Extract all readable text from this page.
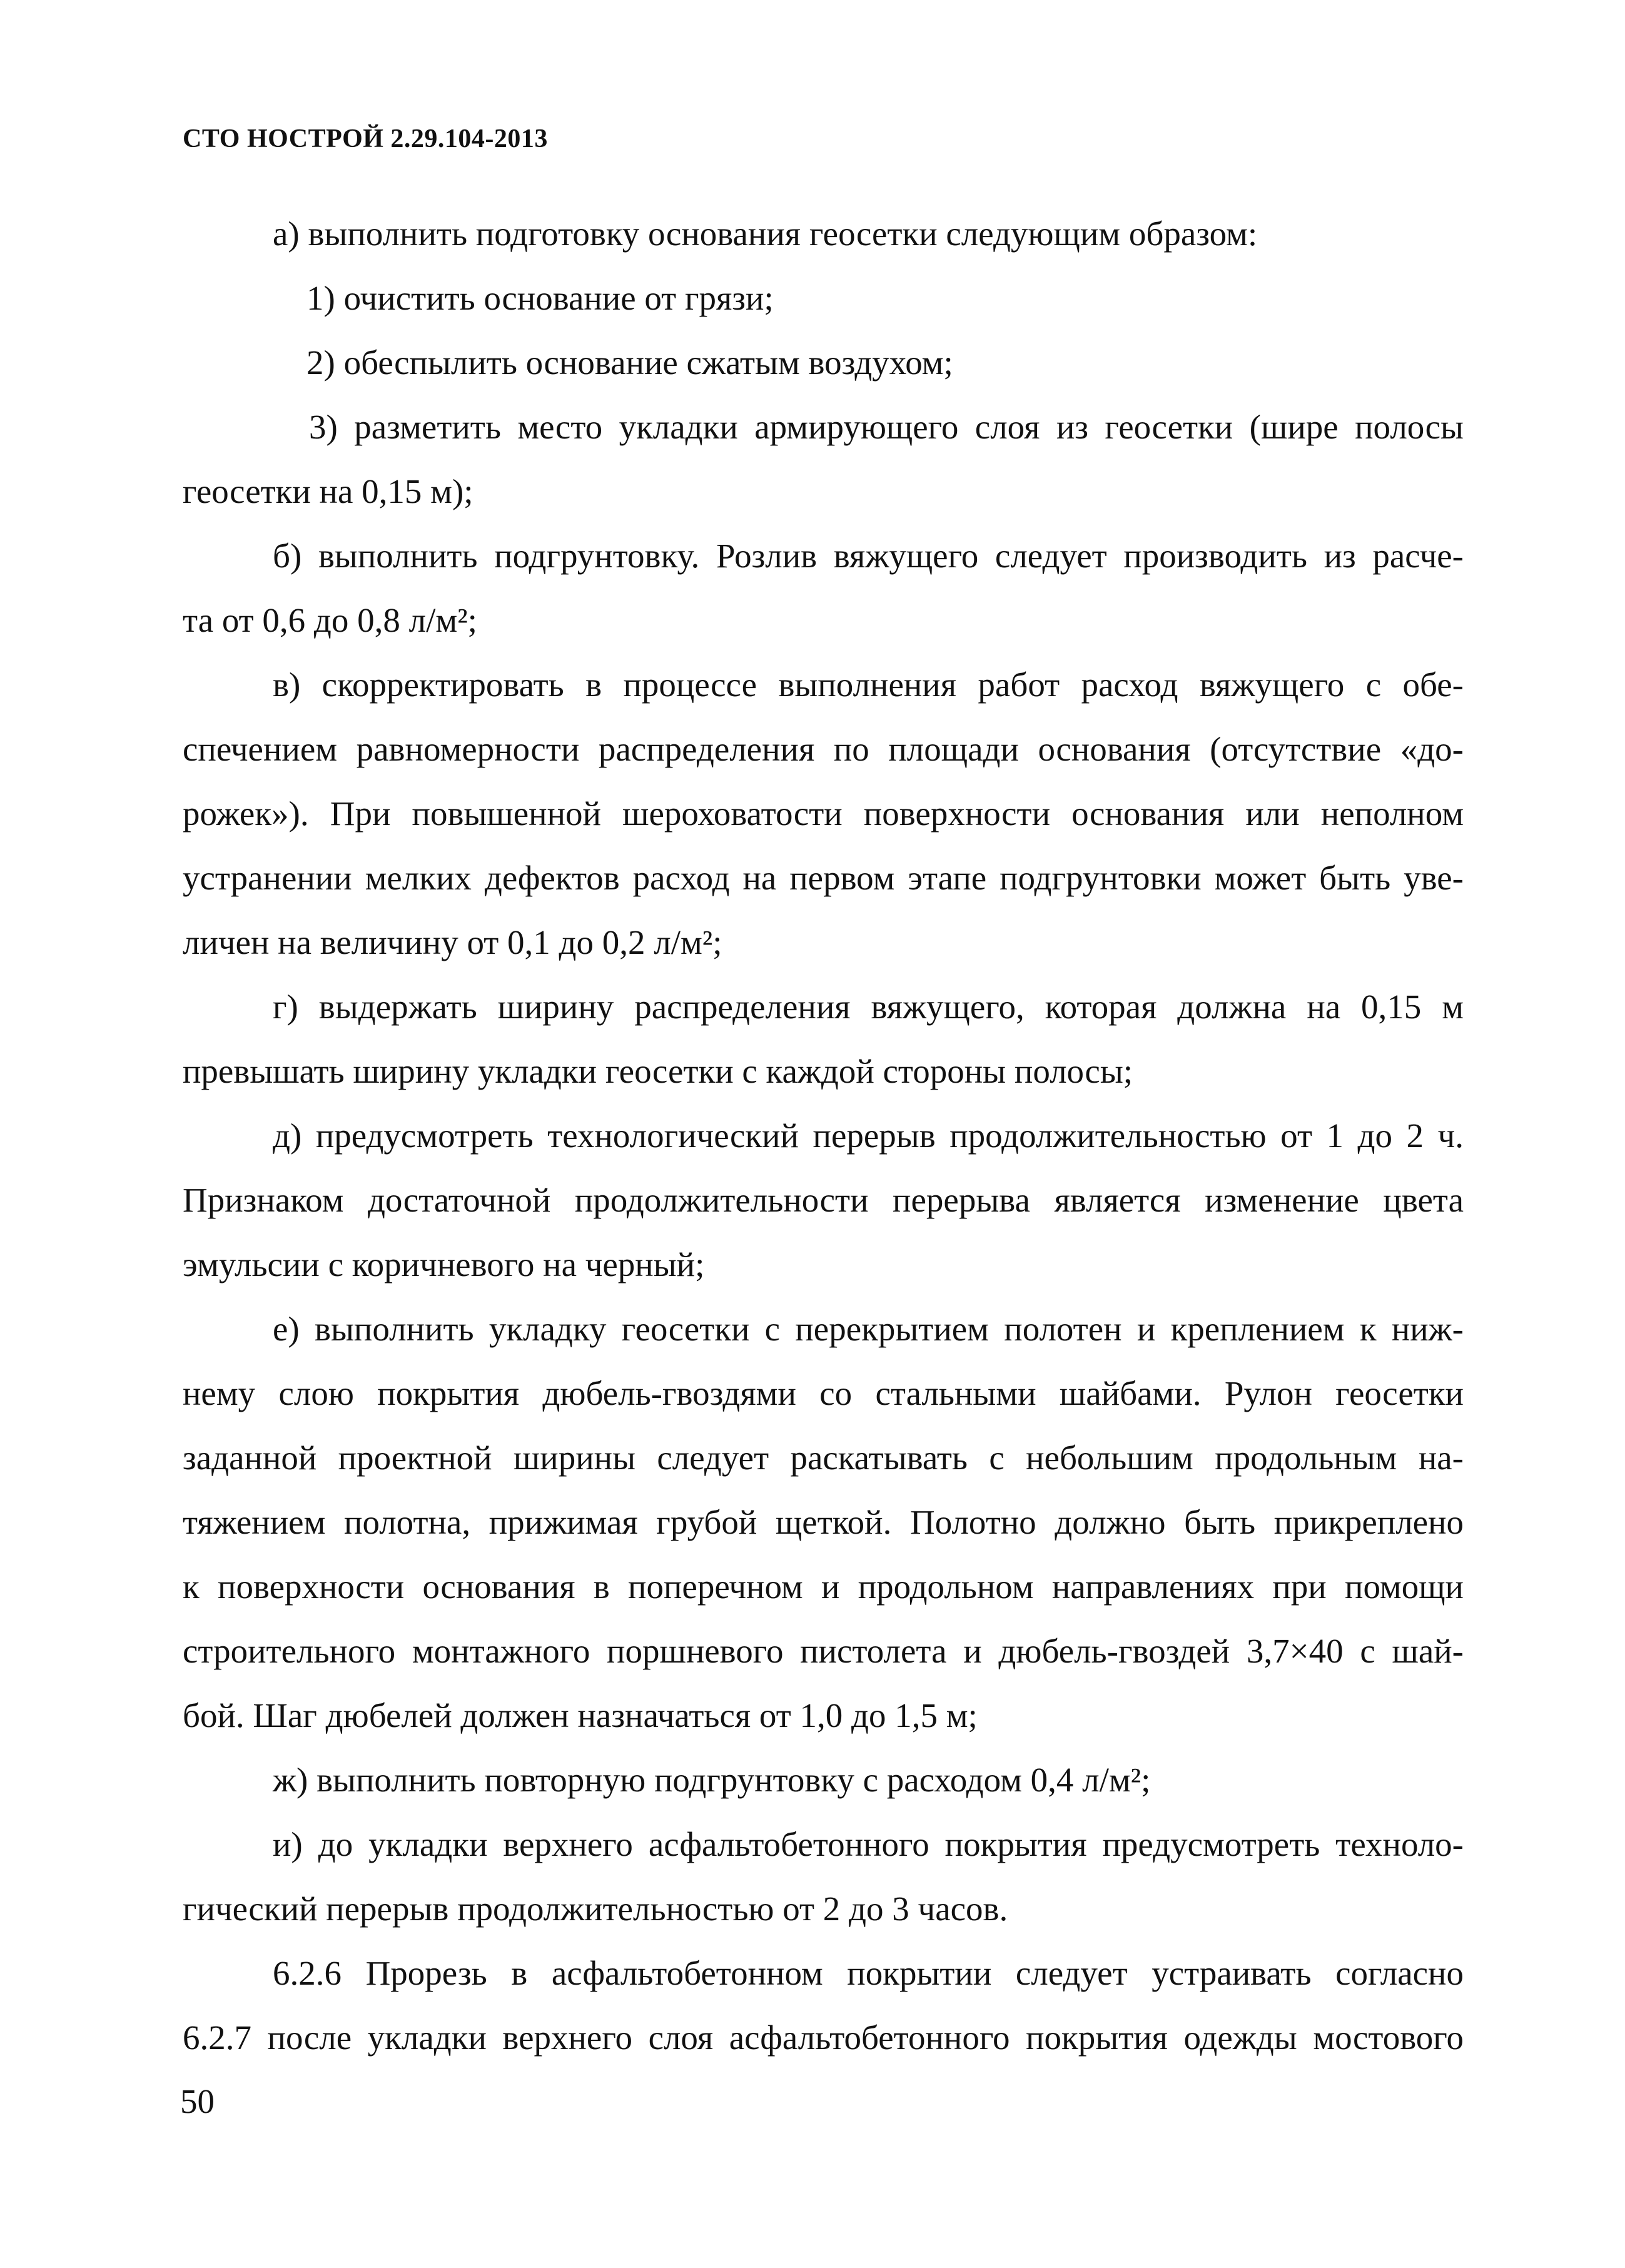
СТО НОСТРОЙ 2.29.104-2013
а) выполнить подготовку основания геосетки следующим образом:
1) очистить основание от грязи;
2) обеспылить основание сжатым воздухом;
3) разметить место укладки армирующего слоя из геосетки (шире полосы
геосетки на 0,15 м);
б) выполнить подгрунтовку. Розлив вяжущего следует производить из расче-
та от 0,6 до 0,8 л/м²;
в) скорректировать в процессе выполнения работ расход вяжущего с обе-
спечением равномерности распределения по площади основания (отсутствие «до-
рожек»). При повышенной шероховатости поверхности основания или неполном
устранении мелких дефектов расход на первом этапе подгрунтовки может быть уве-
личен на величину от 0,1 до 0,2 л/м²;
г) выдержать ширину распределения вяжущего, которая должна на 0,15 м
превышать ширину укладки геосетки с каждой стороны полосы;
д) предусмотреть технологический перерыв продолжительностью от 1 до 2 ч.
Признаком достаточной продолжительности перерыва является изменение цвета
эмульсии с коричневого на черный;
е) выполнить укладку геосетки с перекрытием полотен и креплением к ниж-
нему слою покрытия дюбель-гвоздями со стальными шайбами. Рулон геосетки
заданной проектной ширины следует раскатывать с небольшим продольным на-
тяжением полотна, прижимая грубой щеткой. Полотно должно быть прикреплено
к поверхности основания в поперечном и продольном направлениях при помощи
строительного монтажного поршневого пистолета и дюбель-гвоздей 3,7×40 с шай-
бой. Шаг дюбелей должен назначаться от 1,0 до 1,5 м;
ж) выполнить повторную подгрунтовку с расходом 0,4 л/м²;
и) до укладки верхнего асфальтобетонного покрытия предусмотреть техноло-
гический перерыв продолжительностью от 2 до 3 часов.
6.2.6 Прорезь в асфальтобетонном покрытии следует устраивать согласно
6.2.7 после укладки верхнего слоя асфальтобетонного покрытия одежды мостового
50
